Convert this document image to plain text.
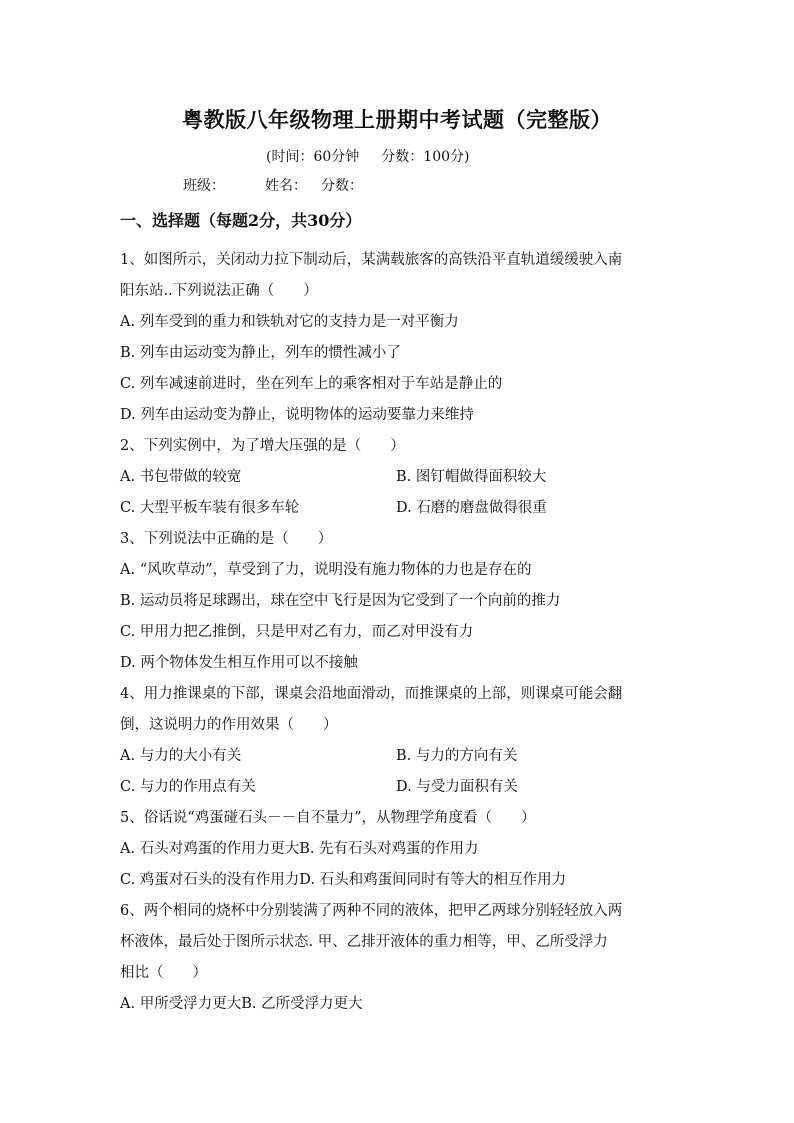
粤教版八年级物理上册期中考试题（完整版）
(时间：60分钟 分数：100分)
班级：	姓名： 分数：
一、选择题（每题2分，共30分）
1、如图所示，关闭动力拉下制动后，某满载旅客的高铁沿平直轨道缓缓驶入南
阳东站..下列说法正确（　　）
A. 列车受到的重力和铁轨对它的支持力是一对平衡力
B. 列车由运动变为静止，列车的惯性减小了
C. 列车减速前进时，坐在列车上的乘客相对于车站是静止的
D. 列车由运动变为静止，说明物体的运动要靠力来维持
2、下列实例中，为了增大压强的是（　　）
A. 书包带做的较宽	B. 图钉帽做得面积较大
C. 大型平板车装有很多车轮	D. 石磨的磨盘做得很重
3、下列说法中正确的是（　　）
A. “风吹草动”，草受到了力，说明没有施力物体的力也是存在的
B. 运动员将足球踢出，球在空中飞行是因为它受到了一个向前的推力
C. 甲用力把乙推倒，只是甲对乙有力，而乙对甲没有力
D. 两个物体发生相互作用可以不接触
4、用力推课桌的下部，课桌会沿地面滑动，而推课桌的上部，则课桌可能会翻
倒，这说明力的作用效果（　　）
A. 与力的大小有关	B. 与力的方向有关
C. 与力的作用点有关	D. 与受力面积有关
5、俗话说“鸡蛋碰石头－－自不量力”，从物理学角度看（　　）
A. 石头对鸡蛋的作用力更大B. 先有石头对鸡蛋的作用力
C. 鸡蛋对石头的没有作用力D. 石头和鸡蛋间同时有等大的相互作用力
6、两个相同的烧杯中分别装满了两种不同的液体，把甲乙两球分别轻轻放入两
杯液体，最后处于图所示状态. 甲、乙排开液体的重力相等，甲、乙所受浮力
相比（　　）
A. 甲所受浮力更大B. 乙所受浮力更大
